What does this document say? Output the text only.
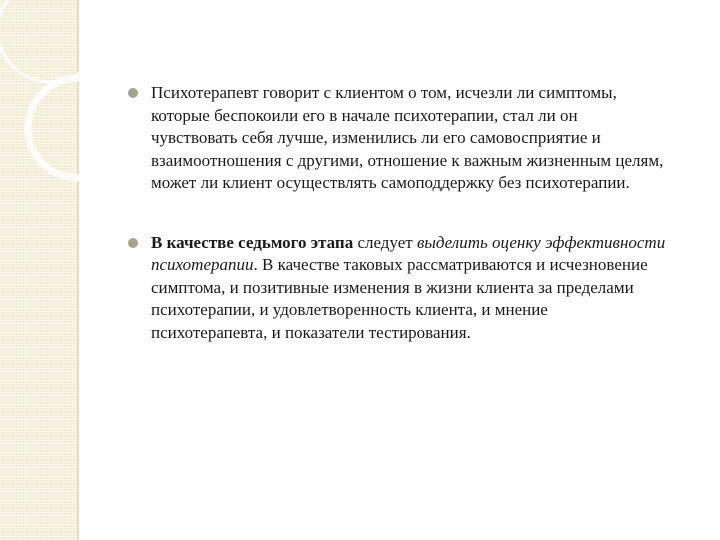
Психотерапевт говорит с клиентом о том, исчезли ли симптомы, которые беспокоили его в начале психотерапии, стал ли он чувствовать себя лучше, изменились ли его самовосприятие и взаимоотношения с другими, отношение к важным жизненным целям, может ли клиент осуществлять самоподдержку без психотерапии.
В качестве седьмого этапа следует выделить оценку эффективности психотерапии. В качестве таковых рассматриваются и исчезновение симптома, и позитивные изменения в жизни клиента за пределами психотерапии, и удовлетворенность клиента, и мнение психотерапевта, и показатели тестирования.
